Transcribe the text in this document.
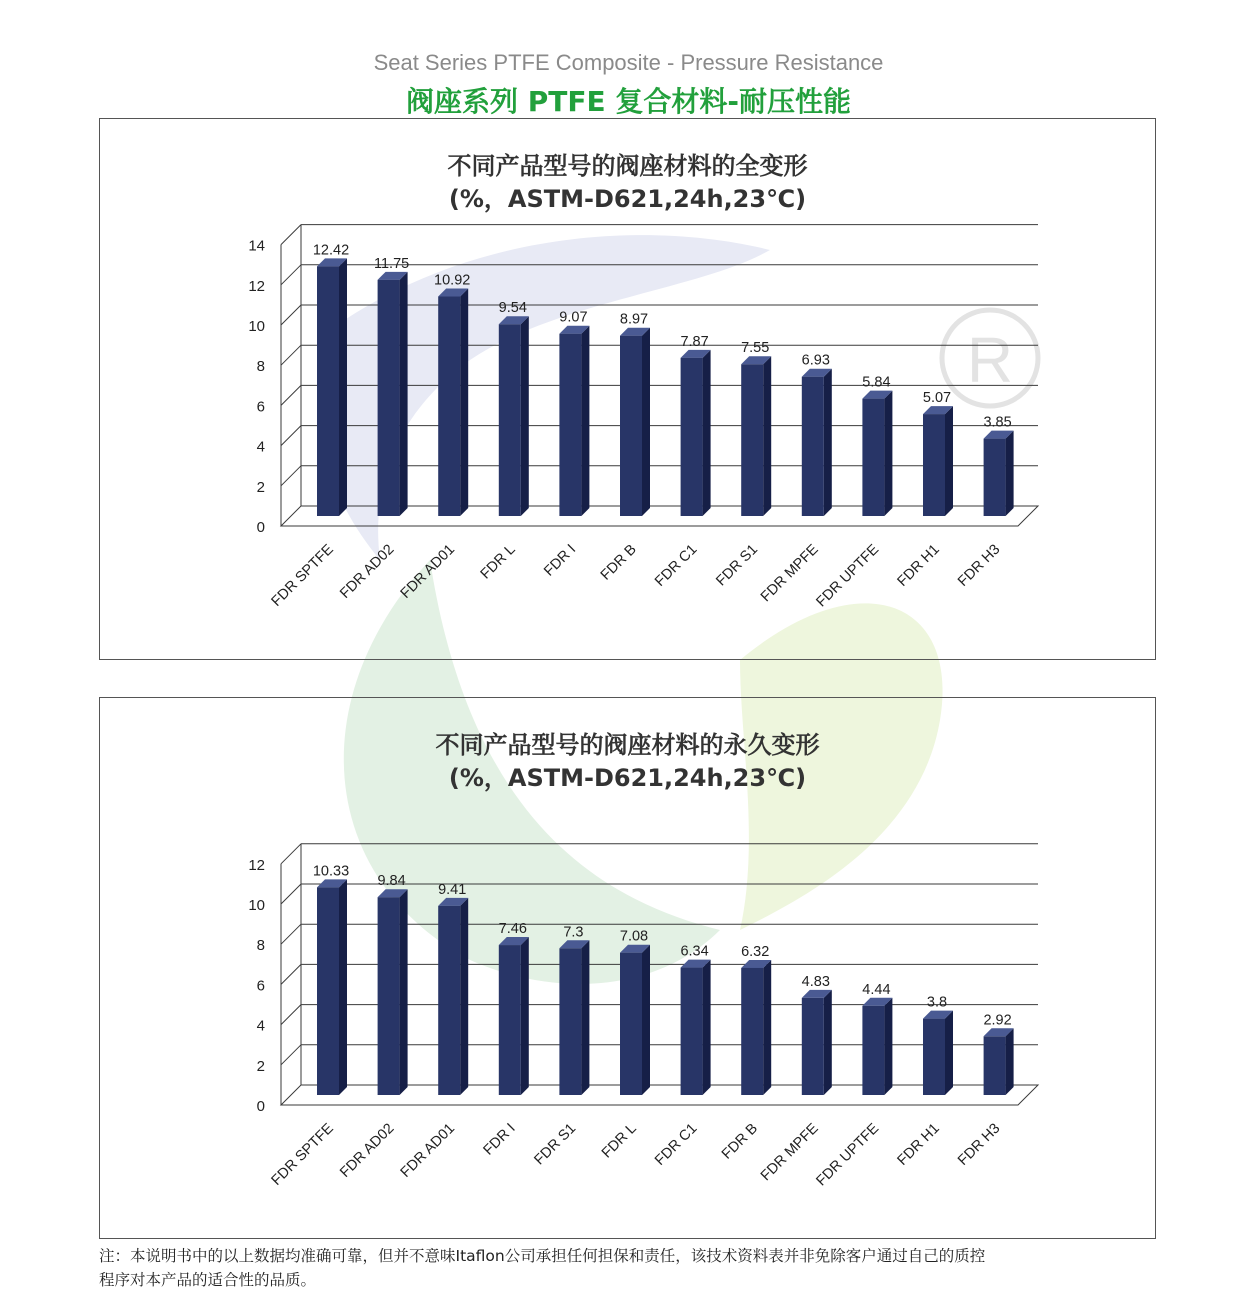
R
Seat Series PTFE Composite - Pressure Resistance
阀座系列 PTFE 复合材料-耐压性能
不同产品型号的阀座材料的全变形
(%，ASTM-D621,24h,23℃)
0
2
4
6
8
10
12
14	12.42
FDR SPTFE
11.75
FDR AD02
10.92
FDR AD01
9.54
FDR L
9.07
FDR I
8.97
FDR B
7.87
FDR C1
7.55
FDR S1
6.93
FDR MPFE
5.84
FDR UPTFE
5.07
FDR H1
3.85
FDR H3
不同产品型号的阀座材料的永久变形
(%，ASTM-D621,24h,23℃)
0
2
4
6
8
10
12	10.33
FDR SPTFE
9.84
FDR AD02
9.41
FDR AD01
7.46
FDR I
7.3
FDR S1
7.08
FDR L
6.34
FDR C1
6.32
FDR B
4.83
FDR MPFE
4.44
FDR UPTFE
3.8
FDR H1
2.92
FDR H3
注：本说明书中的以上数据均准确可靠，但并不意味Itaflon公司承担任何担保和责任，该技术资料表并非免除客户通过自己的质控
程序对本产品的适合性的品质。
